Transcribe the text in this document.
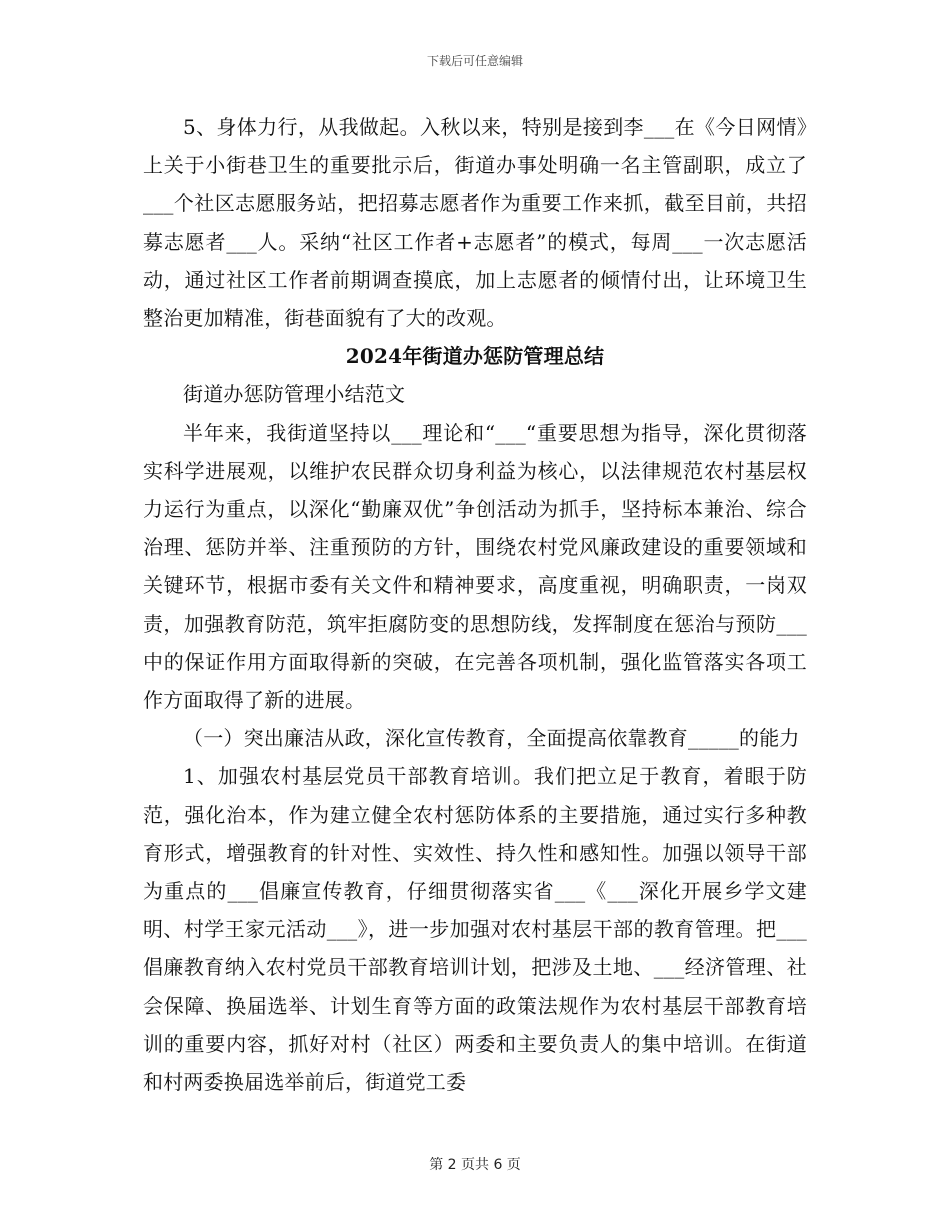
下载后可任意编辑

5、身体力行，从我做起。入秋以来，特别是接到李___在《今日网情》上关于小街巷卫生的重要批示后，街道办事处明确一名主管副职，成立了___个社区志愿服务站，把招募志愿者作为重要工作来抓，截至目前，共招募志愿者___人。采纳“社区工作者+志愿者”的模式，每周___一次志愿活动，通过社区工作者前期调查摸底，加上志愿者的倾情付出，让环境卫生整治更加精准，街巷面貌有了大的改观。

2024年街道办惩防管理总结

街道办惩防管理小结范文

半年来，我街道坚持以___理论和“___“重要思想为指导，深化贯彻落实科学进展观，以维护农民群众切身利益为核心，以法律规范农村基层权力运行为重点，以深化“勤廉双优”争创活动为抓手，坚持标本兼治、综合治理、惩防并举、注重预防的方针，围绕农村党风廉政建设的重要领域和关键环节，根据市委有关文件和精神要求，高度重视，明确职责，一岗双责，加强教育防范，筑牢拒腐防变的思想防线，发挥制度在惩治与预防___中的保证作用方面取得新的突破，在完善各项机制，强化监管落实各项工作方面取得了新的进展。

（一）突出廉洁从政，深化宣传教育，全面提高依靠教育_____的能力

1、加强农村基层党员干部教育培训。我们把立足于教育，着眼于防范，强化治本，作为建立健全农村惩防体系的主要措施，通过实行多种教育形式，增强教育的针对性、实效性、持久性和感知性。加强以领导干部为重点的___倡廉宣传教育，仔细贯彻落实省___《___深化开展乡学文建明、村学王家元活动___》，进一步加强对农村基层干部的教育管理。把___倡廉教育纳入农村党员干部教育培训计划，把涉及土地、___经济管理、社会保障、换届选举、计划生育等方面的政策法规作为农村基层干部教育培训的重要内容，抓好对村（社区）两委和主要负责人的集中培训。在街道和村两委换届选举前后，街道党工委

第 2 页共 6 页
